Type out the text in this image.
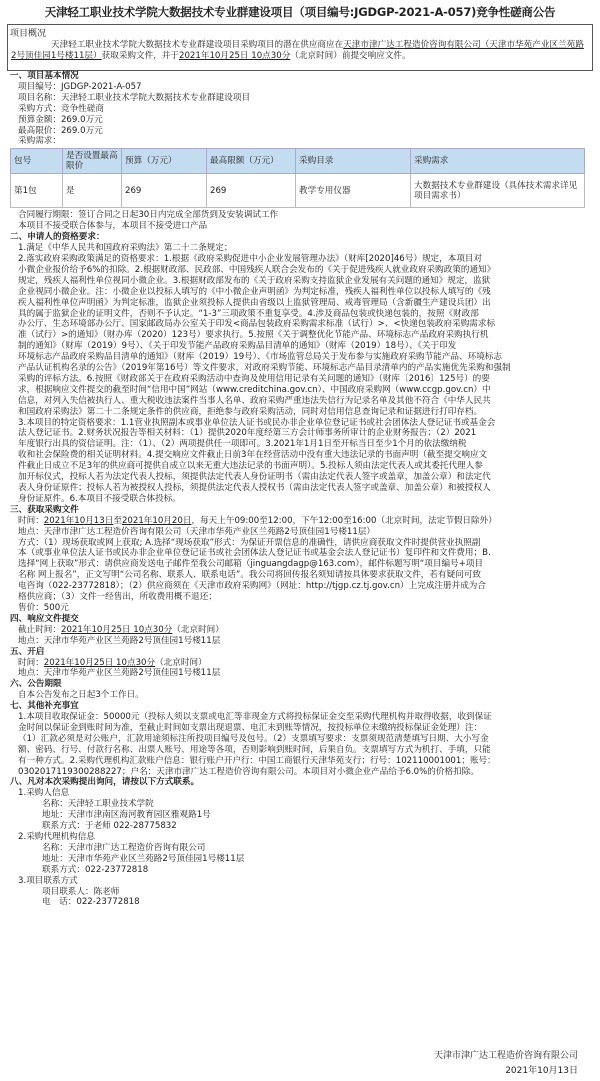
天津轻工职业技术学院大数据技术专业群建设项目（项目编号:JGDGP-2021-A-057)竞争性磋商公告
项目概况
天津轻工职业技术学院大数据技术专业群建设项目采购项目的潜在供应商应在天津市津广达工程造价咨询有限公司（天津市华苑产业区兰苑路2号顶佳园1号楼11层）获取采购文件，并于2021年10月25日 10点30分（北京时间）前提交响应文件。
一、项目基本情况
项目编号：JGDGP-2021-A-057
项目名称：天津轻工职业技术学院大数据技术专业群建设项目
采购方式：竞争性磋商
预算金额：269.0万元
最高限价：269.0万元
采购需求：
包号	是否设置最高限价	预算（万元）	最高限额（万元）	采购目录	采购需求
第1包	是	269	269	教学专用仪器	大数据技术专业群建设（具体技术需求详见项目需求书）
合同履行期限：签订合同之日起30日内完成全部货到及安装调试工作
本项目不接受联合体参与，本项目不接受进口产品
二、申请人的资格要求：
1.满足《中华人民共和国政府采购法》第二十二条规定；
2.落实政府采购政策满足的资格要求：1.根据《政府采购促进中小企业发展管理办法》（财库[2020]46号）规定，本项目对
小微企业报价给予6%的扣除。2.根据财政部、民政部、中国残疾人联合会发布的《关于促进残疾人就业政府采购政策的通知》
规定，残疾人福利性单位视同小微企业。3.根据财政部发布的《关于政府采购支持监狱企业发展有关问题的通知》规定，监狱
企业视同小微企业。注：小微企业以投标人填写的《中小微企业声明函》为判定标准，残疾人福利性单位以投标人填写的《残
疾人福利性单位声明函》为判定标准，监狱企业须投标人提供由省级以上监狱管理局、戒毒管理局（含新疆生产建设兵团）出
具的属于监狱企业的证明文件，否则不予认定。“1-3”三项政策不重复享受。4.涉及商品包装或快递包装的，按照《财政部
办公厅、生态环境部办公厅、国家邮政局办公室关于印发<商品包装政府采购需求标准（试行）>、<快递包装政府采购需求标
准（试行）>的通知》（财办库（2020）123号）要求执行。5.按照《关于调整优化节能产品、环境标志产品政府采购执行机
制的通知》（财库（2019）9号）、《关于印发节能产品政府采购品目清单的通知》（财库（2019）18号）、《关于印发
环境标志产品政府采购品目清单的通知》（财库（2019）19号）、《市场监管总局关于发布参与实施政府采购节能产品、环境标志
产品认证机构名录的公告》（2019年第16号）等文件要求，对政府采购节能、环境标志产品目录清单内的产品实施优先采购和强制
采购的评标方法。6.按照《财政部关于在政府采购活动中查询及使用信用记录有关问题的通知》（财库〔2016〕125号）的要
求，根据响应文件提交的截至时间“信用中国”网站（www.creditchina.gov.cn）、中国政府采购网（www.ccgp.gov.cn）中
信息，对列入失信被执行人、重大税收违法案件当事人名单、政府采购严重违法失信行为记录名单及其他不符合《中华人民共
和国政府采购法》第二十二条规定条件的供应商，拒绝参与政府采购活动，同时对信用信息查询记录和证据进行打印存档。
3.本项目的特定资格要求：1.1营业执照副本或事业单位法人证书或民办非企业单位登记证书或社会团体法人登记证书或基金会
法人登记证书。2.财务状况报告等相关材料：（1）提供2020年度经第三方会计师事务所审计的企业财务报告；（2）2021
年度银行出具的资信证明。注：（1）、（2）两项提供任一项即可。3.2021年1月1日至开标当日至少1个月的依法缴纳税
收和社会保险费的相关证明材料。4.提交响应文件截止日前3年在经营活动中没有重大违法记录的书面声明（截至提交响应文
件截止日成立不足3年的供应商可提供自成立以来无重大违法记录的书面声明）。5.投标人须由法定代表人或其委托代理人参
加开标仪式，投标人若为法定代表人投标，须提供法定代表人身份证明书（需由法定代表人签字或盖章，加盖公章）和法定代
表人身份证原件；投标人若为被授权人投标，须提供法定代表人授权书（需由法定代表人签字或盖章、加盖公章）和被授权人
身份证原件。6.本项目不接受联合体投标。
三、获取采购文件
时间：2021年10月13日至2021年10月20日，每天上午09:00至12:00，下午12:00至16:00（北京时间，法定节假日除外）
地点：天津市津广达工程造价咨询有限公司（天津市华苑产业区兰苑路2号顶佳园1号楼11层）
方式：（1）现场获取或网上获取; A.选择“现场获取”形式：为保证开票信息的准确性，请供应商获取文件时提供营业执照副
本（或事业单位法人证书或民办非企业单位登记证书或社会团体法人登记证书或基金会法人登记证书）复印件和文件费用；B.
选择“网上获取”形式：请供应商发送电子邮件至我公司邮箱（jinguangdagp@163.com），邮件标题写明“项目编号+项目
名称 网上报名”，正文写明“公司名称、联系人、联系电话”。我公司将回传报名须知请按具体要求获取文件，若有疑问可致
电咨询（022-23772818）；（2）供应商须在《天津市政府采购网》（网址：http://tjgp.cz.tj.gov.cn）上完成注册并成为合
格供应商；（3）文件一经售出，所收费用概不退还；
售价：500元
四、响应文件提交
截止时间：2021年10月25日 10点30分（北京时间）
地点：天津市华苑产业区兰苑路2号顶佳园1号楼11层
五、开启
时间：2021年10月25日 10点30分（北京时间）
地点：天津市华苑产业区兰苑路2号顶佳园1号楼11层
六、公告期限
自本公告发布之日起3个工作日。
七、其他补充事宜
1.本项目收取保证金：50000元（投标人须以支票或电汇等非现金方式将投标保证金交至采购代理机构并取得收据，收到保证
金时间以保证金到账时间为准，至截止时间如支票出现退票、电汇未到账等情况，按投标单位未缴纳投标保证金处理）注：
（1）汇款必须是对公账户，汇款用途须标注所投项目编号及包号。（2）支票填写要求：支票须规范清楚填写日期、大小写金
额、密码、行号、付款行名称、出票人账号、用途等各项，否则影响到账时间，后果自负。支票填写方式为机打、手填，只能
有一种方式。2.采购代理机构汇款账户信息：银行账户开户行：中国工商银行天津华苑支行；行号：102110001001；账号：
0302017119300288227；户名：天津市津广达工程造价咨询有限公司。本项目对小微企业产品给予6.0%的价格扣除。
八、凡对本次采购提出询问，请按以下方式联系。
1.采购人信息
名称：天津轻工职业技术学院
地址：天津市津南区海河教育园区雅观路1号
联系方式：于老师 022-28775832
2.采购代理机构信息
名称：天津市津广达工程造价咨询有限公司
地址：天津市华苑产业区兰苑路2号顶佳园1号楼11层
联系方式：022-23772818
3.项目联系方式
项目联系人：陈老师
电　话：022-23772818
天津市津广达工程造价咨询有限公司
2021年10月13日
